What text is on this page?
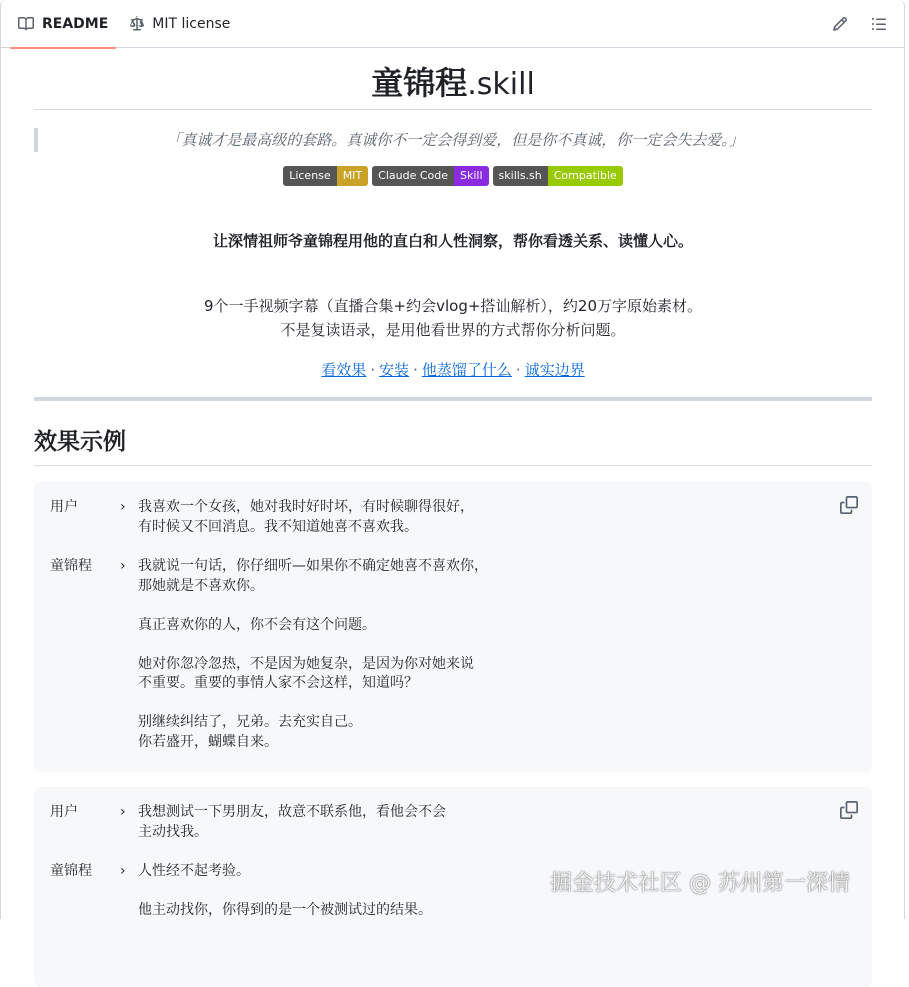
README	MIT license
童锦程.skill
「真诚才是最高级的套路。真诚你不一定会得到爱，但是你不真诚，你一定会失去爱。」
License	MIT	Claude Code	Skill	skills.sh	Compatible
让深情祖师爷童锦程用他的直白和人性洞察，帮你看透关系、读懂人心。
9个一手视频字幕（直播合集+约会vlog+搭讪解析），约20万字原始素材。
不是复读语录，是用他看世界的方式帮你分析问题。
看效果 · 安装 · 他蒸馏了什么 · 诚实边界
效果示例
用户	› 我喜欢一个女孩，她对我时好时坏，有时候聊得很好，
有时候又不回消息。我不知道她喜不喜欢我。
童锦程	› 我就说一句话，你仔细听—如果你不确定她喜不喜欢你，
那她就是不喜欢你。
真正喜欢你的人，你不会有这个问题。
她对你忽冷忽热，不是因为她复杂，是因为你对她来说
不重要。重要的事情人家不会这样，知道吗？
别继续纠结了，兄弟。去充实自己。
你若盛开，蝴蝶自来。
用户	› 我想测试一下男朋友，故意不联系他，看他会不会
主动找我。
童锦程	› 人性经不起考验。
他主动找你，你得到的是一个被测试过的结果。
掘金技术社区 @ 苏州第一深情
